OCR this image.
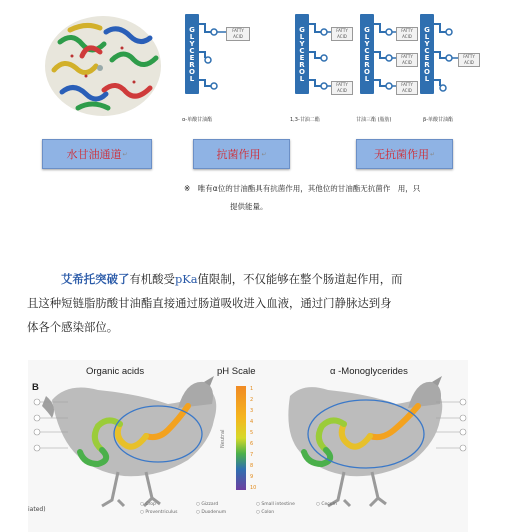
GLYCEROL	GLYCEROL	GLYCEROL	GLYCEROL
FATTY ACID
FATTY ACID
FATTY ACID
FATTY ACID
FATTY ACID
FATTY ACID
FATTY ACID
α-单酸甘油酯	1,3-甘油二酯	甘油三酯 (脂肪)	β-单酸甘油酯
水甘油通道 ↵	抗菌作用 ↵	无抗菌作用 ↵
※　唯有α位的甘油酯具有抗菌作用，其他位的甘油酯无抗菌作　用，只
提供能量。
艾希托突破了有机酸受pKa值限制，不仅能够在整个肠道起作用，而
且这种短链脂肪酸甘油酯直接通过肠道吸收进入血液，通过门静脉达到身
体各个感染部位。
B
Organic acids	pH Scale	α -Monoglycerides
1
2
3
4
5
6
7
8
9
10
Neutral
○ Crop
○ Proventriculus
○ Gizzard
○ Duodenum
○ Small intestine
○ Colon
○ Cecum
iated)
